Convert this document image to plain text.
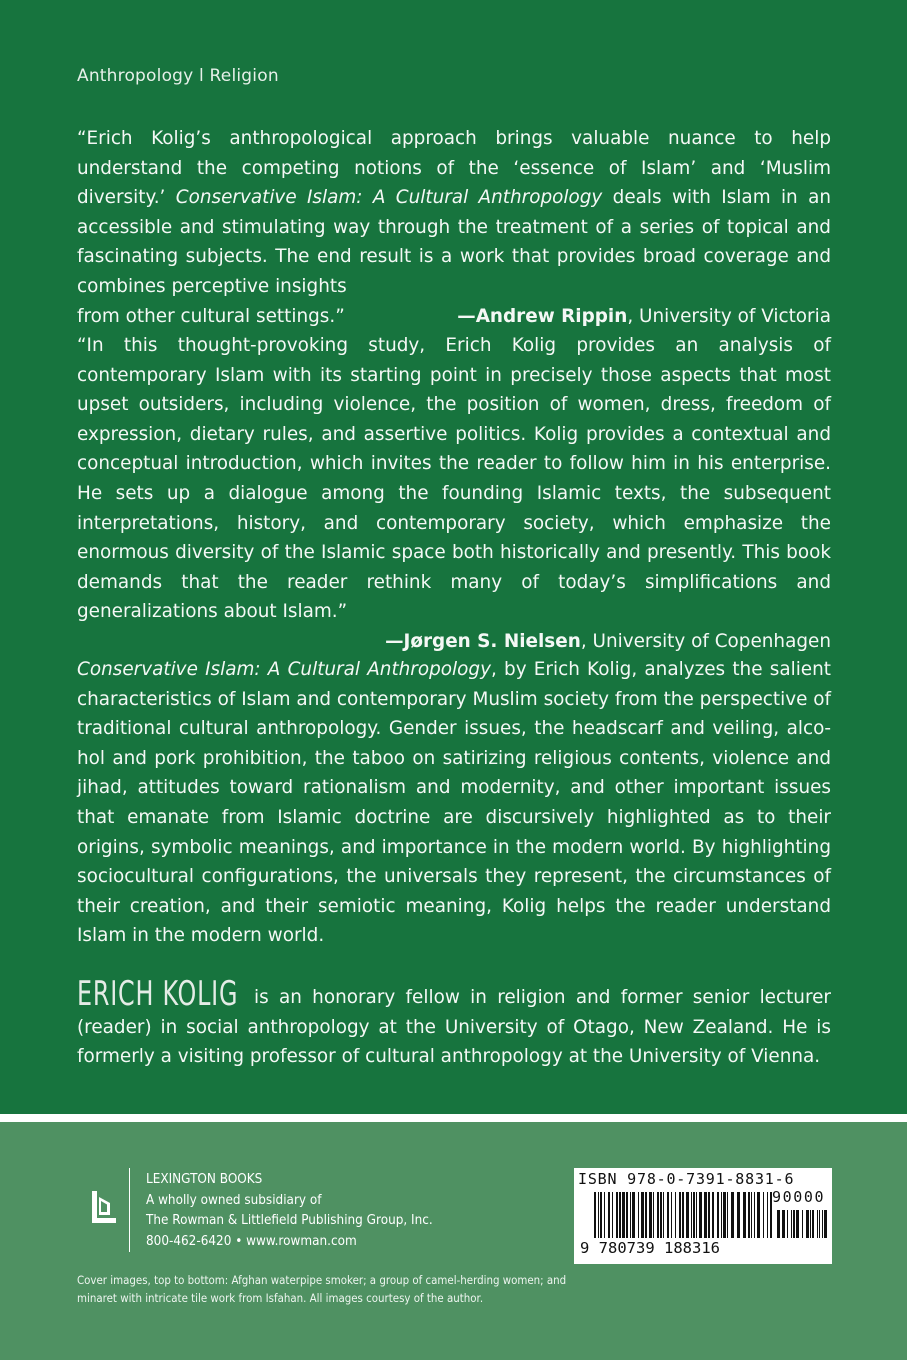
Anthropology l Religion
“Erich Kolig’s anthropological approach brings valuable nuance to help understand the competing notions of the ‘essence of Islam’ and ‘Muslim diversity.’ Conservative Islam: A Cultural Anthropology deals with Islam in an accessible and stimulating way through the treatment of a series of topical and fascinating subjects. The end result is a work that provides broad coverage and combines perceptive insights
from other cultural settings.”	—Andrew Rippin, University of Victoria
“In this thought-provoking study, Erich Kolig provides an analysis of contemporary Islam with its starting point in precisely those aspects that most upset outsiders, including violence, the position of women, dress, freedom of expression, dietary rules, and assertive politics. Kolig provides a contextual and conceptual introduction, which invites the reader to follow him in his enterprise. He sets up a dialogue among the founding Islamic texts, the subsequent interpretations, history, and contemporary society, which emphasize the enormous diversity of the Islamic space both historically and presently. This book demands that the reader rethink many of today’s simplifications and generalizations about Islam.”
—Jørgen S. Nielsen, University of Copenhagen
Conservative Islam: A Cultural Anthropology, by Erich Kolig, analyzes the salient characteristics of Islam and contemporary Muslim society from the perspective of traditional cultural anthropology. Gender issues, the headscarf and veiling, alcohol and pork prohibition, the taboo on satirizing religious contents, violence and jihad, attitudes toward rationalism and modernity, and other important issues that emanate from Islamic doctrine are discursively highlighted as to their origins, symbolic meanings, and importance in the modern world. By highlighting sociocultural configurations, the universals they represent, the circumstances of their creation, and their semiotic meaning, Kolig helps the reader understand Islam in the modern world.
ERICH KOLIG is an honorary fellow in religion and former senior lecturer (reader) in social anthropology at the University of Otago, New Zealand. He is formerly a visiting professor of cultural anthropology at the University of Vienna.
LEXINGTON BOOKS
A wholly owned subsidiary of
The Rowman & Littlefield Publishing Group, Inc.
800-462-6420 • www.rowman.com
Cover images, top to bottom: Afghan waterpipe smoker; a group of camel-herding women; and minaret with intricate tile work from Isfahan. All images courtesy of the author.
ISBN 978-0-7391-8831-6
90000
9 780739 188316
